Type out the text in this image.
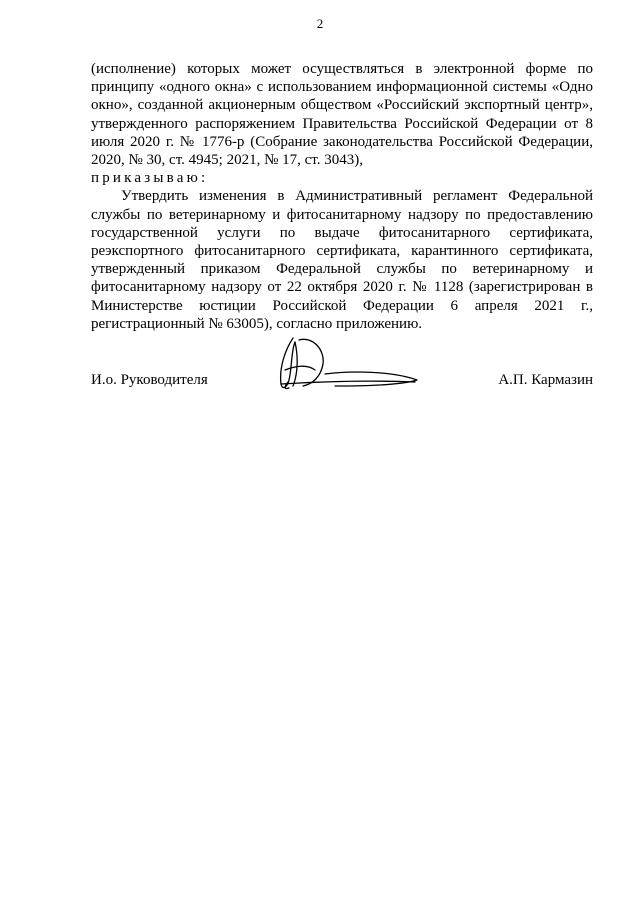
2

(исполнение) которых может осуществляться в электронной форме по принципу «одного окна» с использованием информационной системы «Одно окно», созданной акционерным обществом «Российский экспортный центр», утвержденного распоряжением Правительства Российской Федерации от 8 июля 2020 г. № 1776-р (Собрание законодательства Российской Федерации, 2020, № 30, ст. 4945; 2021, № 17, ст. 3043),

приказываю:

Утвердить изменения в Административный регламент Федеральной службы по ветеринарному и фитосанитарному надзору по предоставлению государственной услуги по выдаче фитосанитарного сертификата, реэкспортного фитосанитарного сертификата, карантинного сертификата, утвержденный приказом Федеральной службы по ветеринарному и фитосанитарному надзору от 22 октября 2020 г. № 1128 (зарегистрирован в Министерстве юстиции Российской Федерации 6 апреля 2021 г., регистрационный № 63005), согласно приложению.

И.о. Руководителя	А.П. Кармазин
